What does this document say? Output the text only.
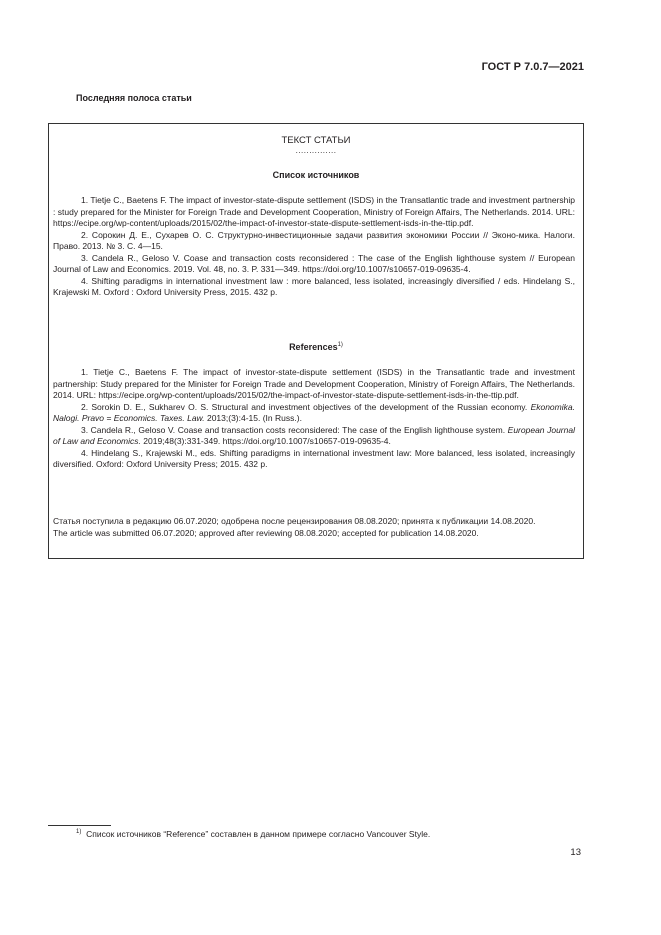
ГОСТ Р 7.0.7—2021
Последняя полоса статьи
ТЕКСТ СТАТЬИ
...............
Список источников

1. Tietje C., Baetens F. The impact of investor-state-dispute settlement (ISDS) in the Transatlantic trade and investment partnership : study prepared for the Minister for Foreign Trade and Development Cooperation, Ministry of Foreign Affairs, The Netherlands. 2014. URL: https://ecipe.org/wp-content/uploads/2015/02/the-impact-of-investor-state-dispute-settlement-isds-in-the-ttip.pdf.

2. Сорокин Д. Е., Сухарев О. С. Структурно-инвестиционные задачи развития экономики России // Эконо-мика. Налоги. Право. 2013. № 3. С. 4—15.

3. Candela R., Geloso V. Coase and transaction costs reconsidered : The case of the English lighthouse system // European Journal of Law and Economics. 2019. Vol. 48, no. 3. P. 331—349. https://doi.org/10.1007/s10657-019-09635-4.

4. Shifting paradigms in international investment law : more balanced, less isolated, increasingly diversified / eds. Hindelang S., Krajewski M. Oxford : Oxford University Press, 2015. 432 p.

References$^{1)}$

1. Tietje C., Baetens F. The impact of investor-state-dispute settlement (ISDS) in the Transatlantic trade and investment partnership: Study prepared for the Minister for Foreign Trade and Development Cooperation, Ministry of Foreign Affairs, The Netherlands. 2014. URL: https://ecipe.org/wp-content/uploads/2015/02/the-impact-of-investor-state-dispute-settlement-isds-in-the-ttip.pdf.

2. Sorokin D. E., Sukharev O. S. Structural and investment objectives of the development of the Russian economy. Ekonomika. Nalogi. Pravo = Economics. Taxes. Law. 2013;(3):4-15. (In Russ.).

3. Candela R., Geloso V. Coase and transaction costs reconsidered: The case of the English lighthouse system. European Journal of Law and Economics. 2019;48(3):331-349. https://doi.org/10.1007/s10657-019-09635-4.

4. Hindelang S., Krajewski M., eds. Shifting paradigms in international investment law: More balanced, less isolated, increasingly diversified. Oxford: Oxford University Press; 2015. 432 p.

Статья поступила в редакцию 06.07.2020; одобрена после рецензирования 08.08.2020; принята к публикации 14.08.2020.

The article was submitted 06.07.2020; approved after reviewing 08.08.2020; accepted for publication 14.08.2020.

$^{1)}$ Список источников “Reference” составлен в данном примере согласно Vancouver Style.
13
